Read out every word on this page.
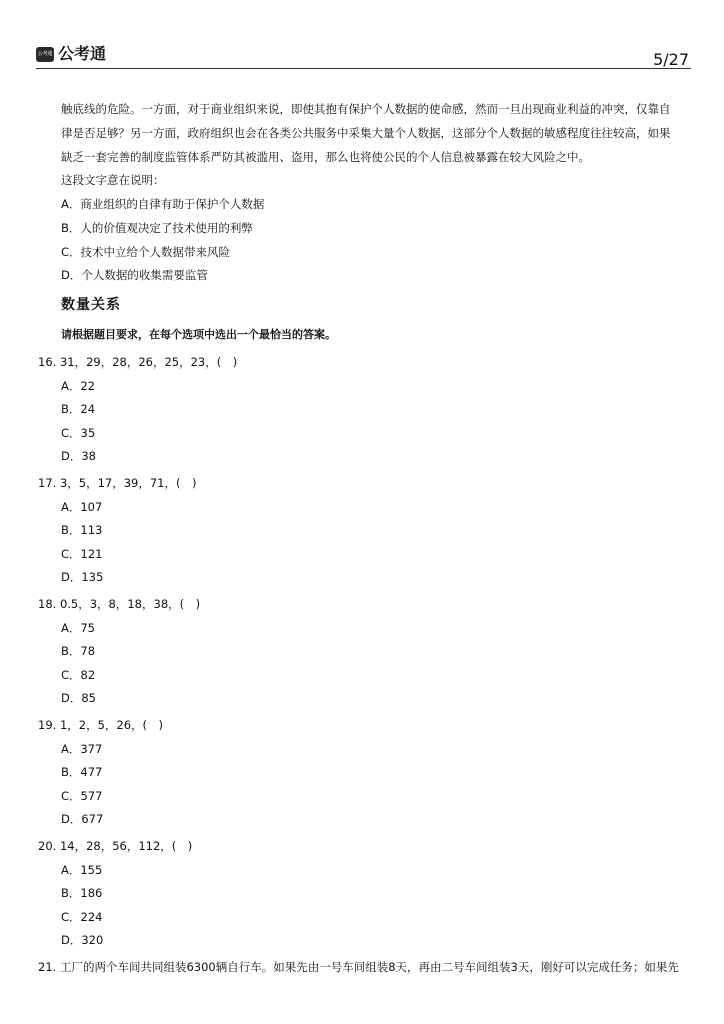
公考通 公考通	5/27
触底线的危险。一方面，对于商业组织来说，即使其抱有保护个人数据的使命感，然而一旦出现商业利益的冲突，仅靠自
律是否足够？另一方面，政府组织也会在各类公共服务中采集大量个人数据，这部分个人数据的敏感程度往往较高，如果
缺乏一套完善的制度监管体系严防其被滥用、盗用，那么也将使公民的个人信息被暴露在较大风险之中。
这段文字意在说明：
A．商业组织的自律有助于保护个人数据
B．人的价值观决定了技术使用的利弊
C．技术中立给个人数据带来风险
D．个人数据的收集需要监管
数量关系
请根据题目要求，在每个选项中选出一个最恰当的答案。
16. 31，29，28，26，25，23，(　)
A．22
B．24
C．35
D．38
17. 3，5，17，39，71，(　)
A．107
B．113
C．121
D．135
18. 0.5，3，8，18，38，(　)
A．75
B．78
C．82
D．85
19. 1，2，5，26，(　)
A．377
B．477
C．577
D．677
20. 14，28，56，112，(　)
A．155
B．186
C．224
D．320
21. 工厂的两个车间共同组装6300辆自行车。如果先由一号车间组装8天，再由二号车间组装3天，刚好可以完成任务；如果先
